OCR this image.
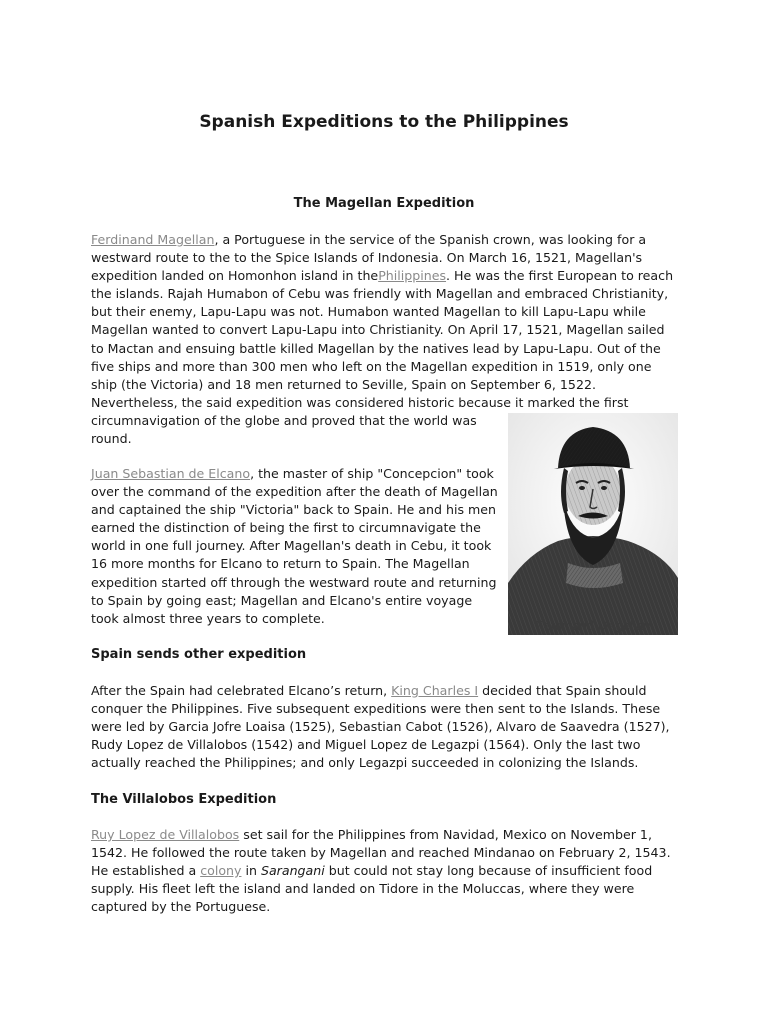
Spanish Expeditions to the Philippines
The Magellan Expedition

Ferdinand Magellan, a Portuguese in the service of the Spanish crown, was looking for a westward route to the to the Spice Islands of Indonesia. On March 16, 1521, Magellan's expedition landed on Homonhon island in thePhilippines. He was the first European to reach the islands. Rajah Humabon of Cebu was friendly with Magellan and embraced Christianity, but their enemy, Lapu-Lapu was not. Humabon wanted Magellan to kill Lapu-Lapu while Magellan wanted to convert Lapu-Lapu into Christianity. On April 17, 1521, Magellan sailed to Mactan and ensuing battle killed Magellan by the natives lead by Lapu-Lapu. Out of the five ships and more than 300 men who left on the Magellan expedition in 1519, only one ship (the Victoria) and 18 men returned to Seville, Spain on September 6, 1522. Nevertheless, the said expedition was considered historic because it marked the first

circumnavigation of the globe and proved that the world was round.

Juan Sebastian de Elcano, the master of ship "Concepcion" took over the command of the expedition after the death of Magellan and captained the ship "Victoria" back to Spain. He and his men earned the distinction of being the first to circumnavigate the world in one full journey. After Magellan's death in Cebu, it took 16 more months for Elcano to return to Spain. The Magellan expedition started off through the westward route and returning to Spain by going east; Magellan and Elcano's entire voyage took almost three years to complete.	Ferdinand Magellan
Spain sends other expedition

After the Spain had celebrated Elcano’s return, King Charles I decided that Spain should conquer the Philippines. Five subsequent expeditions were then sent to the Islands. These were led by Garcia Jofre Loaisa (1525), Sebastian Cabot (1526), Alvaro de Saavedra (1527), Rudy Lopez de Villalobos (1542) and Miguel Lopez de Legazpi (1564). Only the last two actually reached the Philippines; and only Legazpi succeeded in colonizing the Islands.

The Villalobos Expedition

Ruy Lopez de Villalobos set sail for the Philippines from Navidad, Mexico on November 1, 1542. He followed the route taken by Magellan and reached Mindanao on February 2, 1543. He established a colony in Sarangani but could not stay long because of insufficient food supply. His fleet left the island and landed on Tidore in the Moluccas, where they were captured by the Portuguese.
